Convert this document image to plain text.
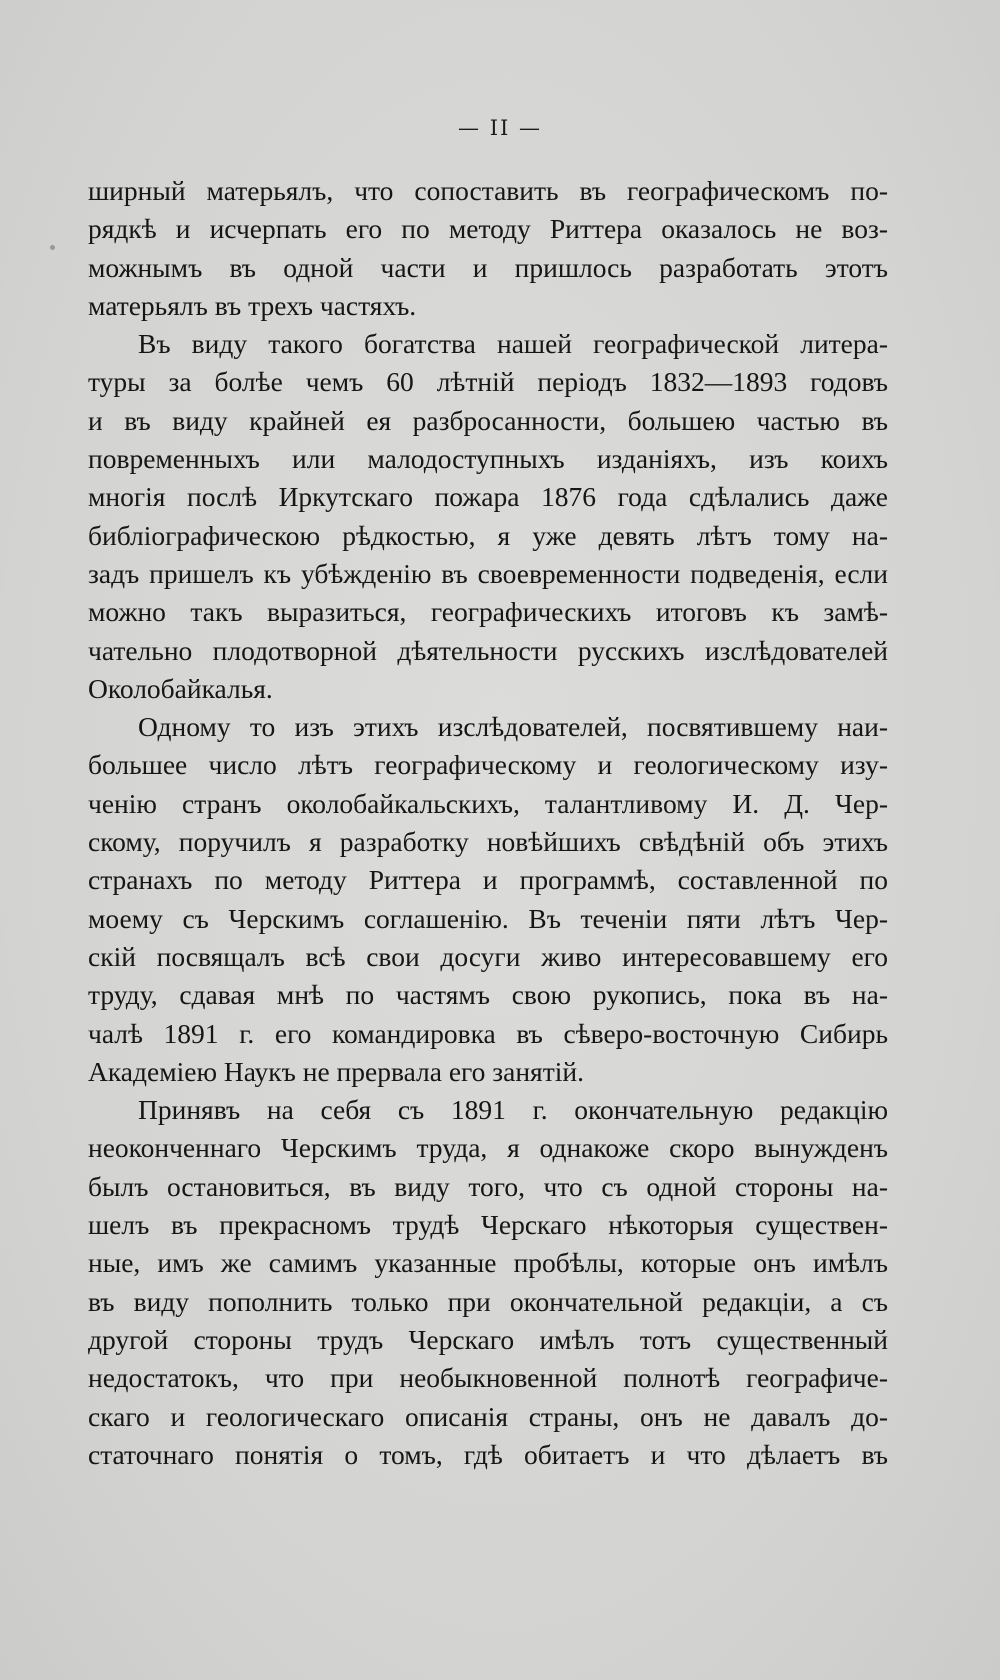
— II —
ширный матерьялъ, что сопоставить въ географическомъ по-
рядкѣ и исчерпать его по методу Риттера оказалось не воз-
можнымъ въ одной части и пришлось разработать этотъ
матерьялъ въ трехъ частяхъ.
Въ виду такого богатства нашей географической литера-
туры за болѣе чемъ 60 лѣтнiй перiодъ 1832—1893 годовъ
и въ виду крайней ея разбросанности, большею частью въ
повременныхъ или малодоступныхъ изданiяхъ, изъ коихъ
многiя послѣ Иркутскаго пожара 1876 года сдѣлались даже
библiографическою рѣдкостью, я уже девять лѣтъ тому на-
задъ пришелъ къ убѣжденiю въ своевременности подведенiя, если
можно такъ выразиться, географическихъ итоговъ къ замѣ-
чательно плодотворной дѣятельности русскихъ изслѣдователей
Околобайкалья.
Одному то изъ этихъ изслѣдователей, посвятившему наи-
большее число лѣтъ географическому и геологическому изу-
ченiю странъ околобайкальскихъ, талантливому И. Д. Чер-
скому, поручилъ я разработку новѣйшихъ свѣдѣнiй объ этихъ
странахъ по методу Риттера и программѣ, составленной по
моему съ Черскимъ соглашенiю. Въ теченiи пяти лѣтъ Чер-
скiй посвящалъ всѣ свои досуги живо интересовавшему его
труду, сдавая мнѣ по частямъ свою рукопись, пока въ на-
чалѣ 1891 г. его командировка въ сѣверо-восточную Сибирь
Академiею Наукъ не прервала его занятiй.
Принявъ на себя съ 1891 г. окончательную редакцiю
неоконченнаго Черскимъ труда, я однакоже скоро вынужденъ
былъ остановиться, въ виду того, что съ одной стороны на-
шелъ въ прекрасномъ трудѣ Черскаго нѣкоторыя существен-
ные, имъ же самимъ указанные пробѣлы, которые онъ имѣлъ
въ виду пополнить только при окончательной редакцiи, а съ
другой стороны трудъ Черскаго имѣлъ тотъ существенный
недостатокъ, что при необыкновенной полнотѣ географиче-
скаго и геологическаго описанiя страны, онъ не давалъ до-
статочнаго понятiя о томъ, гдѣ обитаетъ и что дѣлаетъ въ
